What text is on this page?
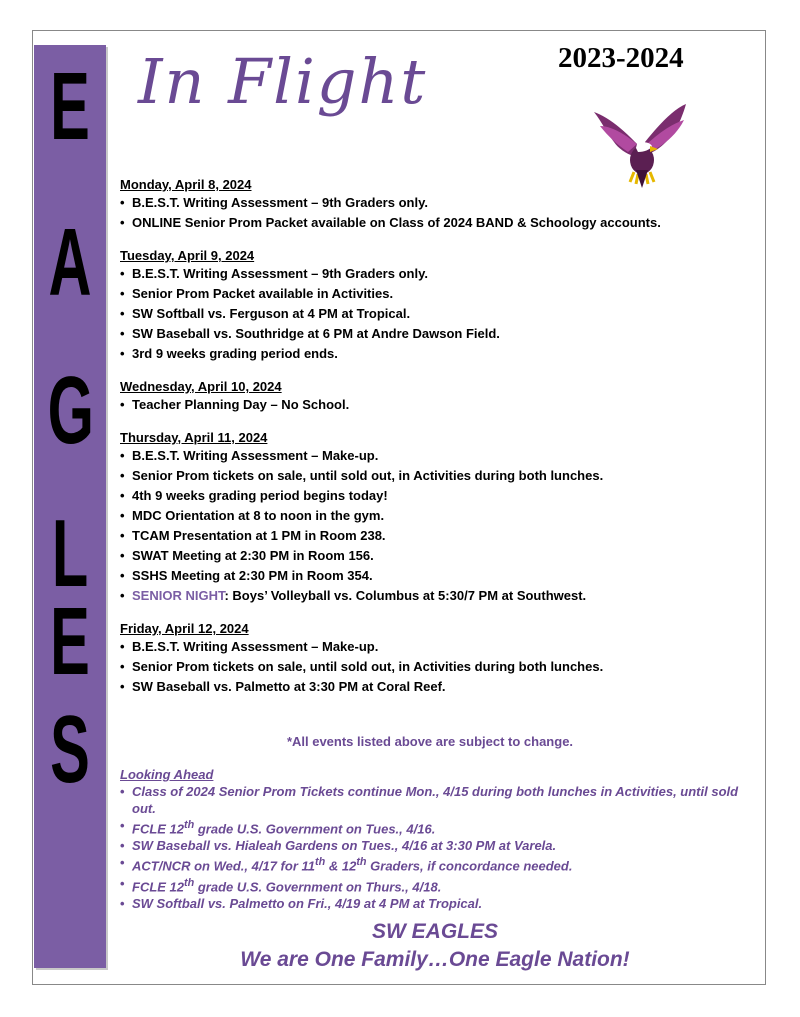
E
A
G
L
E
S
In Flight	2023-2024
Monday, April 8, 2024
• B.E.S.T. Writing Assessment – 9th Graders only.
• ONLINE Senior Prom Packet available on Class of 2024 BAND & Schoology accounts.
Tuesday, April 9, 2024
• B.E.S.T. Writing Assessment – 9th Graders only.
• Senior Prom Packet available in Activities.
• SW Softball vs. Ferguson at 4 PM at Tropical.
• SW Baseball vs. Southridge at 6 PM at Andre Dawson Field.
• 3rd 9 weeks grading period ends.
Wednesday, April 10, 2024
• Teacher Planning Day – No School.
Thursday, April 11, 2024
• B.E.S.T. Writing Assessment – Make-up.
• Senior Prom tickets on sale, until sold out, in Activities during both lunches.
• 4th 9 weeks grading period begins today!
• MDC Orientation at 8 to noon in the gym.
• TCAM Presentation at 1 PM in Room 238.
• SWAT Meeting at 2:30 PM in Room 156.
• SSHS Meeting at 2:30 PM in Room 354.
• SENIOR NIGHT: Boys’ Volleyball vs. Columbus at 5:30/7 PM at Southwest.
Friday, April 12, 2024
• B.E.S.T. Writing Assessment – Make-up.
• Senior Prom tickets on sale, until sold out, in Activities during both lunches.
• SW Baseball vs. Palmetto at 3:30 PM at Coral Reef.
*All events listed above are subject to change.
Looking Ahead
• Class of 2024 Senior Prom Tickets continue Mon., 4/15 during both lunches in Activities, until sold out.
• FCLE 12th grade U.S. Government on Tues., 4/16.
• SW Baseball vs. Hialeah Gardens on Tues., 4/16 at 3:30 PM at Varela.
• ACT/NCR on Wed., 4/17 for 11th & 12th Graders, if concordance needed.
• FCLE 12th grade U.S. Government on Thurs., 4/18.
• SW Softball vs. Palmetto on Fri., 4/19 at 4 PM at Tropical.
SW EAGLES
We are One Family…One Eagle Nation!
